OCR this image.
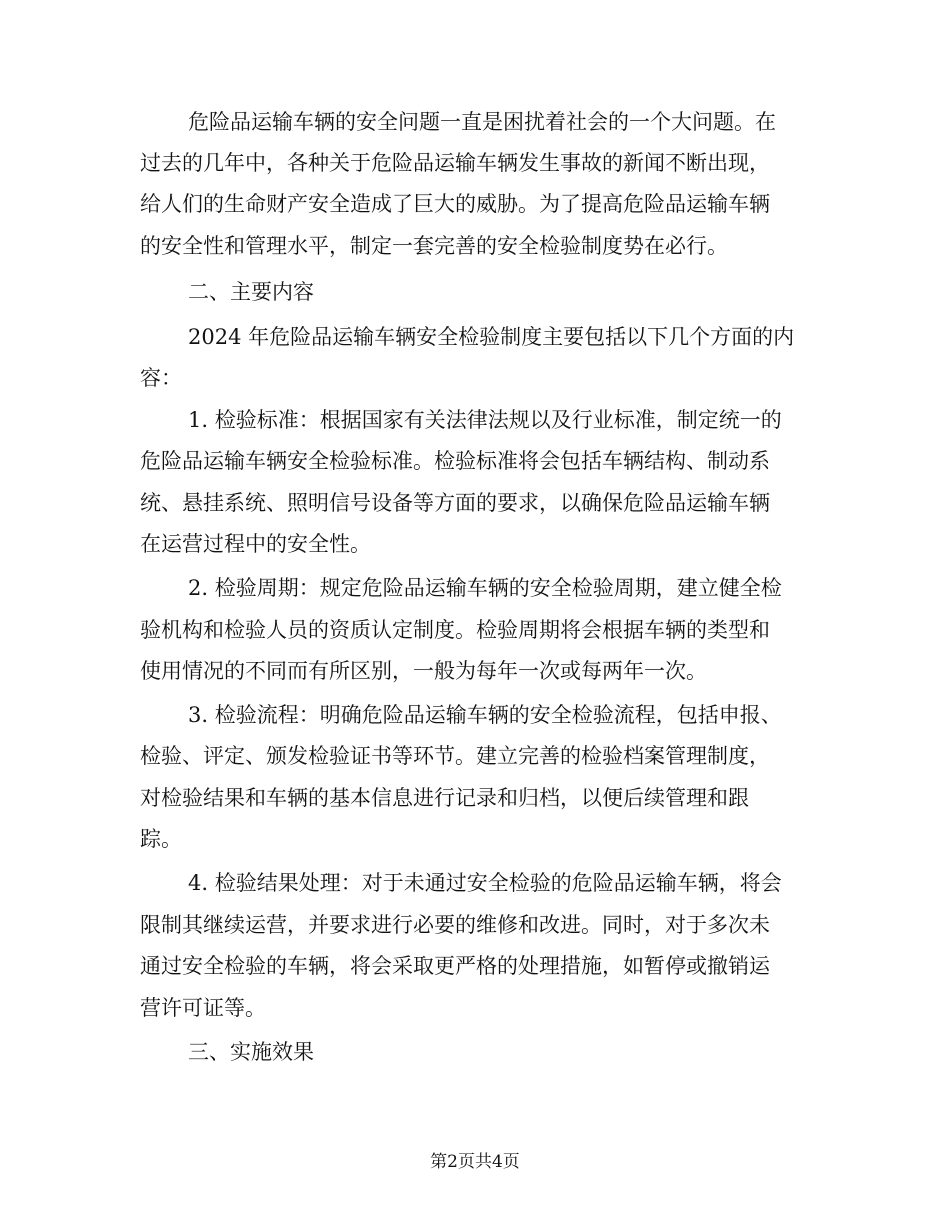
危险品运输车辆的安全问题一直是困扰着社会的一个大问题。在
过去的几年中，各种关于危险品运输车辆发生事故的新闻不断出现，
给人们的生命财产安全造成了巨大的威胁。为了提高危险品运输车辆
的安全性和管理水平，制定一套完善的安全检验制度势在必行。
二、主要内容
2024 年危险品运输车辆安全检验制度主要包括以下几个方面的内
容：
1. 检验标准：根据国家有关法律法规以及行业标准，制定统一的
危险品运输车辆安全检验标准。检验标准将会包括车辆结构、制动系
统、悬挂系统、照明信号设备等方面的要求，以确保危险品运输车辆
在运营过程中的安全性。
2. 检验周期：规定危险品运输车辆的安全检验周期，建立健全检
验机构和检验人员的资质认定制度。检验周期将会根据车辆的类型和
使用情况的不同而有所区别，一般为每年一次或每两年一次。
3. 检验流程：明确危险品运输车辆的安全检验流程，包括申报、
检验、评定、颁发检验证书等环节。建立完善的检验档案管理制度，
对检验结果和车辆的基本信息进行记录和归档，以便后续管理和跟
踪。
4. 检验结果处理：对于未通过安全检验的危险品运输车辆，将会
限制其继续运营，并要求进行必要的维修和改进。同时，对于多次未
通过安全检验的车辆，将会采取更严格的处理措施，如暂停或撤销运
营许可证等。
三、实施效果
第2页共4页
